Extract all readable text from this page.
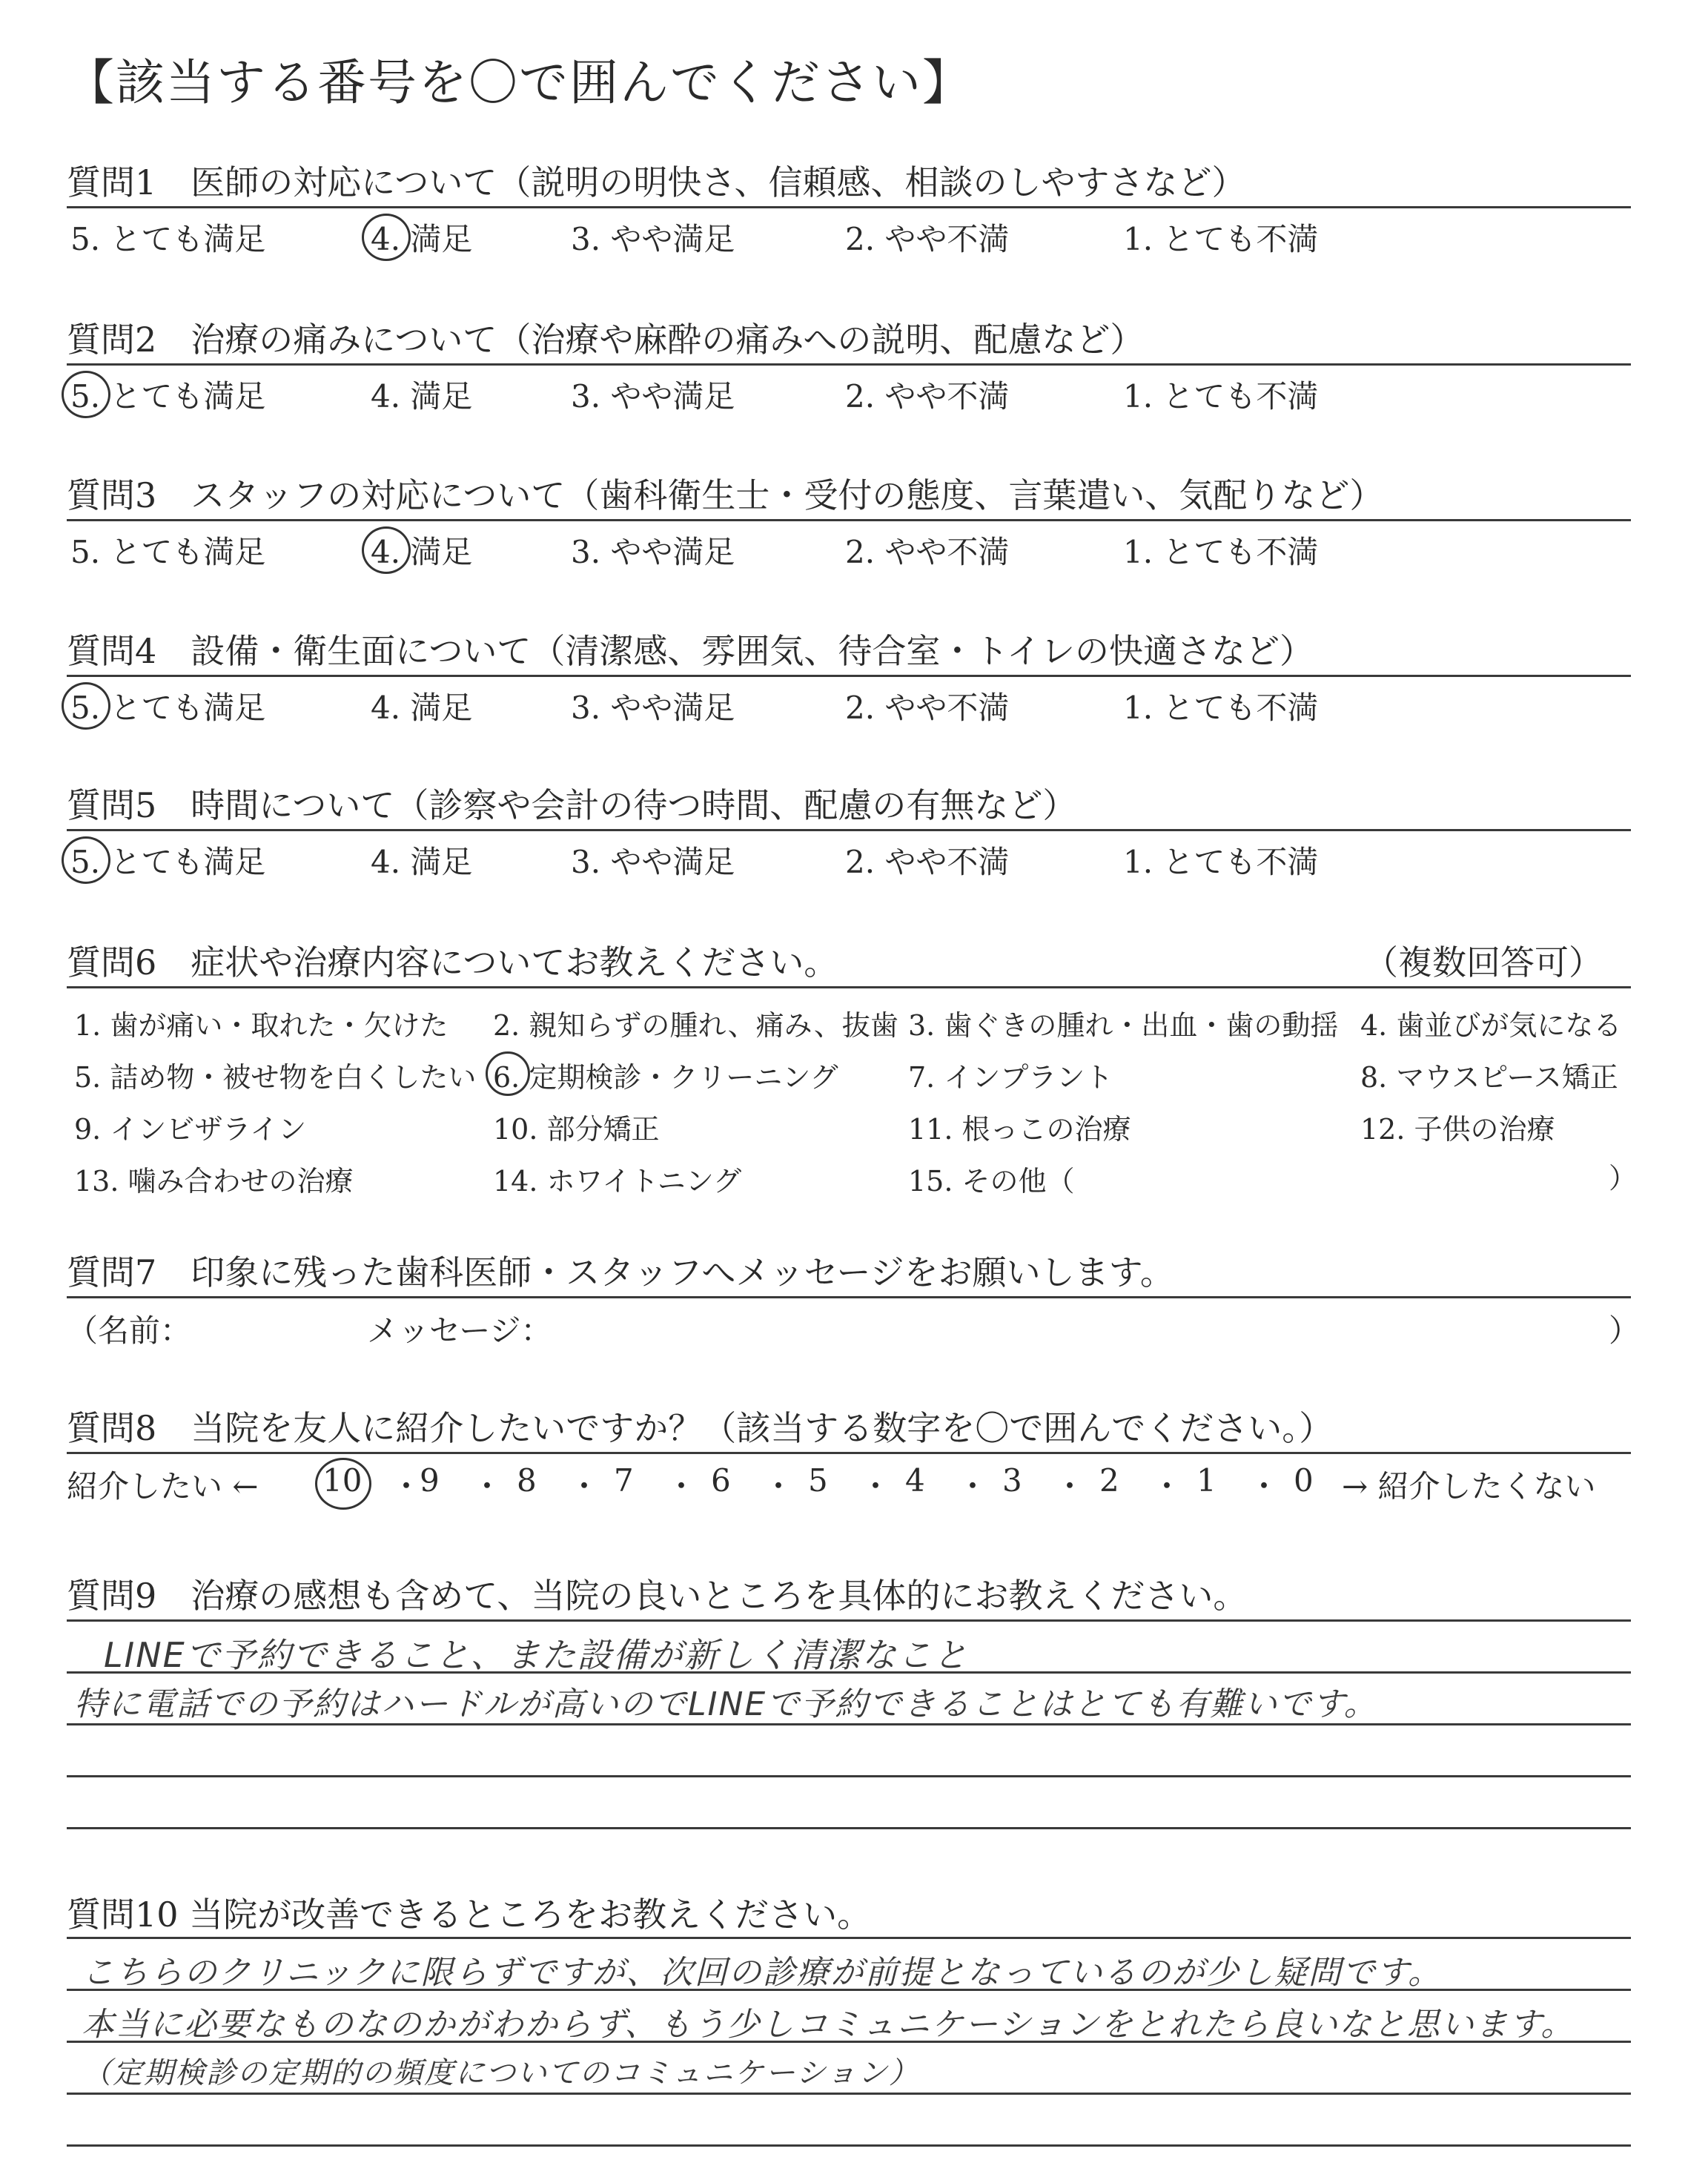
【該当する番号を〇で囲んでください】
質問1　医師の対応について（説明の明快さ、信頼感、相談のしやすさなど）
5. とても満足	4. 満足	3. やや満足	2. やや不満	1. とても不満
質問2　治療の痛みについて（治療や麻酔の痛みへの説明、配慮など）
5. とても満足	4. 満足	3. やや満足	2. やや不満	1. とても不満
質問3　スタッフの対応について（歯科衛生士・受付の態度、言葉遣い、気配りなど）
5. とても満足	4. 満足	3. やや満足	2. やや不満	1. とても不満
質問4　設備・衛生面について（清潔感、雰囲気、待合室・トイレの快適さなど）
5. とても満足	4. 満足	3. やや満足	2. やや不満	1. とても不満
質問5　時間について（診察や会計の待つ時間、配慮の有無など）
5. とても満足	4. 満足	3. やや満足	2. やや不満	1. とても不満
質問6　症状や治療内容についてお教えください。	（複数回答可）
1. 歯が痛い・取れた・欠けた 2. 親知らずの腫れ、痛み、抜歯 3. 歯ぐきの腫れ・出血・歯の動揺 4. 歯並びが気になる
5. 詰め物・被せ物を白くしたい 6. 定期検診・クリーニング 7. インプラント	8. マウスピース矯正
9. インビザライン	10. 部分矯正	11. 根っこの治療	12. 子供の治療
13. 噛み合わせの治療	14. ホワイトニング	15. その他（	）
質問7　印象に残った歯科医師・スタッフへメッセージをお願いします。
（名前：	メッセージ：	）
質問8　当院を友人に紹介したいですか？（該当する数字を〇で囲んでください。）
紹介したい ← 10 ・
9 ・ 8 ・ 7 ・ 6 ・ 5 ・ 4 ・ 3 ・ 2 ・ 1 ・ 0 → 紹介したくない
質問9　治療の感想も含めて、当院の良いところを具体的にお教えください。
LINEで予約できること、また設備が新しく清潔なこと
特に電話での予約はハードルが高いのでLINEで予約できることはとても有難いです。
質問10 当院が改善できるところをお教えください。
こちらのクリニックに限らずですが、次回の診療が前提となっているのが少し疑問です。
本当に必要なものなのかがわからず、もう少しコミュニケーションをとれたら良いなと思います。
（定期検診の定期的の頻度についてのコミュニケーション）
